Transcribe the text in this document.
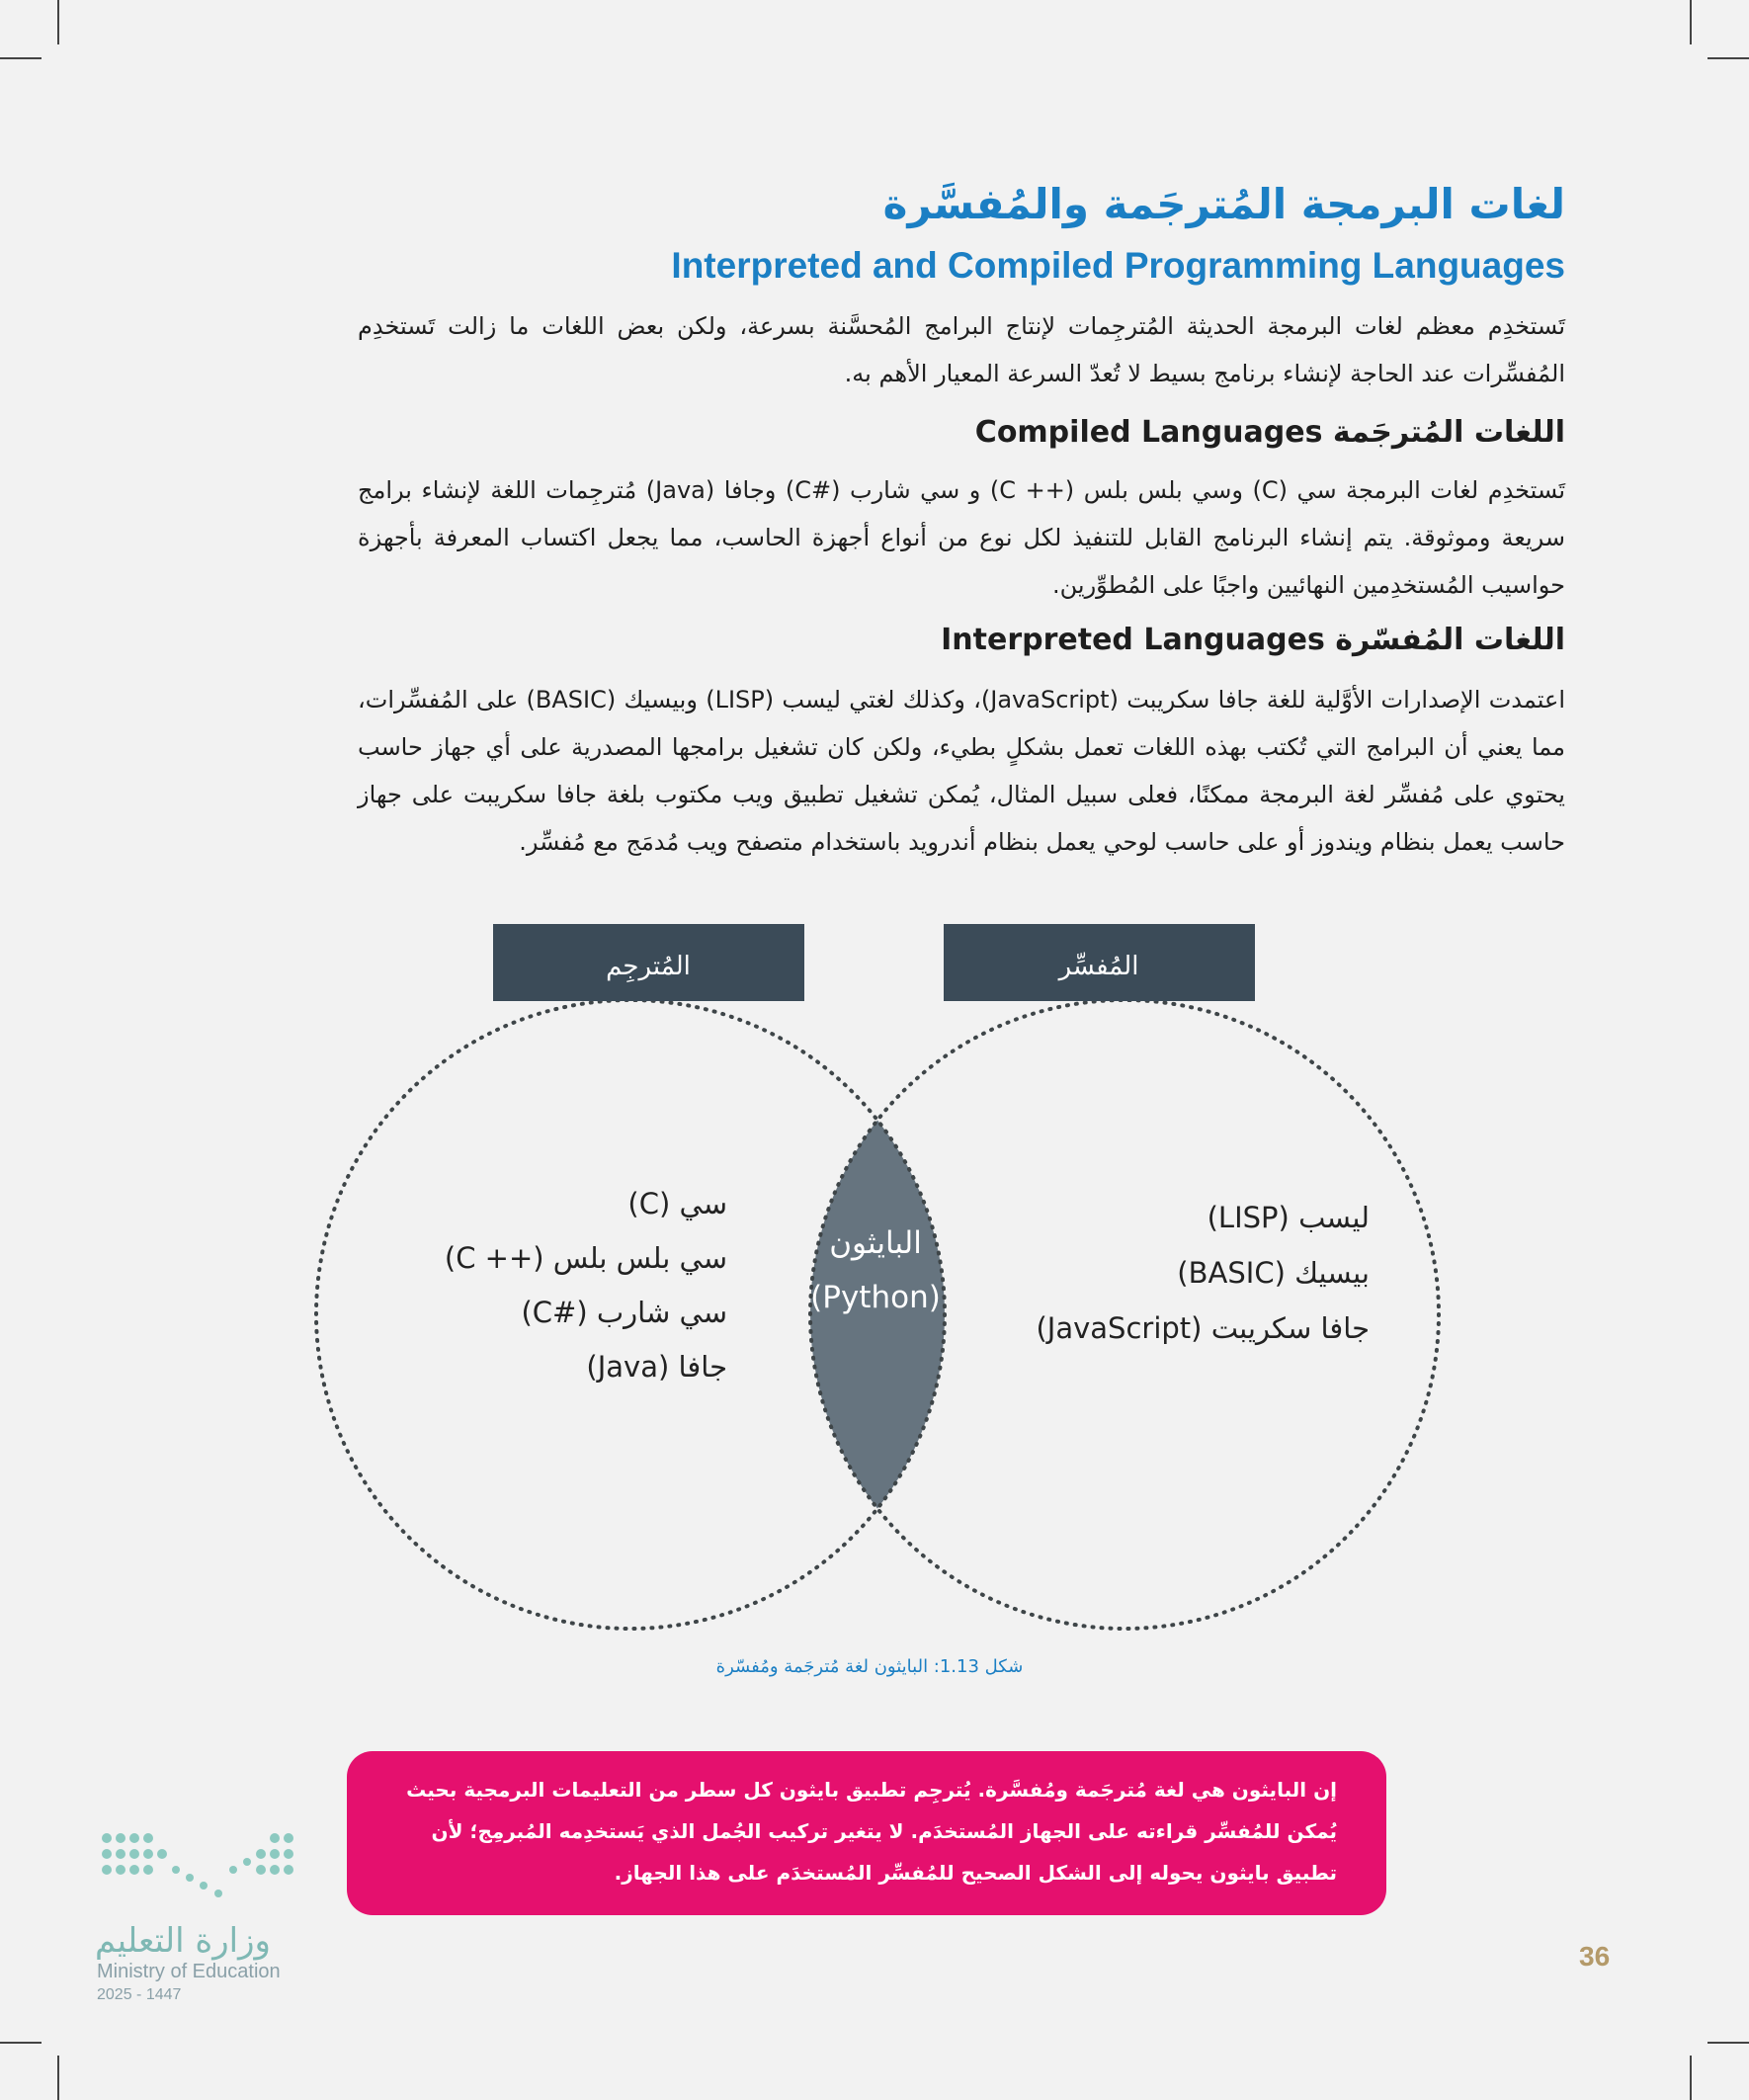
لغات البرمجة المُترجَمة والمُفسَّرة
Interpreted and Compiled Programming Languages

تَستخدِم معظم لغات البرمجة الحديثة المُترجِمات لإنتاج البرامج المُحسَّنة بسرعة، ولكن بعض اللغات ما زالت تَستخدِم المُفسِّرات عند الحاجة لإنشاء برنامج بسيط لا تُعدّ السرعة المعيار الأهم به.

اللغات المُترجَمة Compiled Languages

تَستخدِم لغات البرمجة سي (C) وسي بلس بلس (++ C) و سي شارب (#C) وجافا (Java) مُترجِمات اللغة لإنشاء برامج سريعة وموثوقة. يتم إنشاء البرنامج القابل للتنفيذ لكل نوع من أنواع أجهزة الحاسب، مما يجعل اكتساب المعرفة بأجهزة حواسيب المُستخدِمين النهائيين واجبًا على المُطوِّرين.

اللغات المُفسّرة Interpreted Languages

اعتمدت الإصدارات الأوَّلية للغة جافا سكريبت (JavaScript)، وكذلك لغتي ليسب (LISP) وبيسيك (BASIC) على المُفسِّرات، مما يعني أن البرامج التي تُكتب بهذه اللغات تعمل بشكلٍ بطيء، ولكن كان تشغيل برامجها المصدرية على أي جهاز حاسب يحتوي على مُفسِّر لغة البرمجة ممكنًا، فعلى سبيل المثال، يُمكن تشغيل تطبيق ويب مكتوب بلغة جافا سكريبت على جهاز حاسب يعمل بنظام ويندوز أو على حاسب لوحي يعمل بنظام أندرويد باستخدام متصفح ويب مُدمَج مع مُفسِّر.

المُترجِم	المُفسِّر
سي (C)
سي بلس بلس (++ C)
سي شارب (#C)
جافا (Java)
البايثون
(Python)
ليسب (LISP)
بيسيك (BASIC)
جافا سكريبت (JavaScript)
شكل 1.13: البايثون لغة مُترجَمة ومُفسّرة

إن البايثون هي لغة مُترجَمة ومُفسَّرة. يُترجِم تطبيق بايثون كل سطر من التعليمات البرمجية بحيث يُمكن للمُفسِّر قراءته على الجهاز المُستخدَم. لا يتغير تركيب الجُمل الذي يَستخدِمه المُبرمِج؛ لأن تطبيق بايثون يحوله إلى الشكل الصحيح للمُفسِّر المُستخدَم على هذا الجهاز.

36
وزارة التعليم
Ministry of Education
2025 - 1447
